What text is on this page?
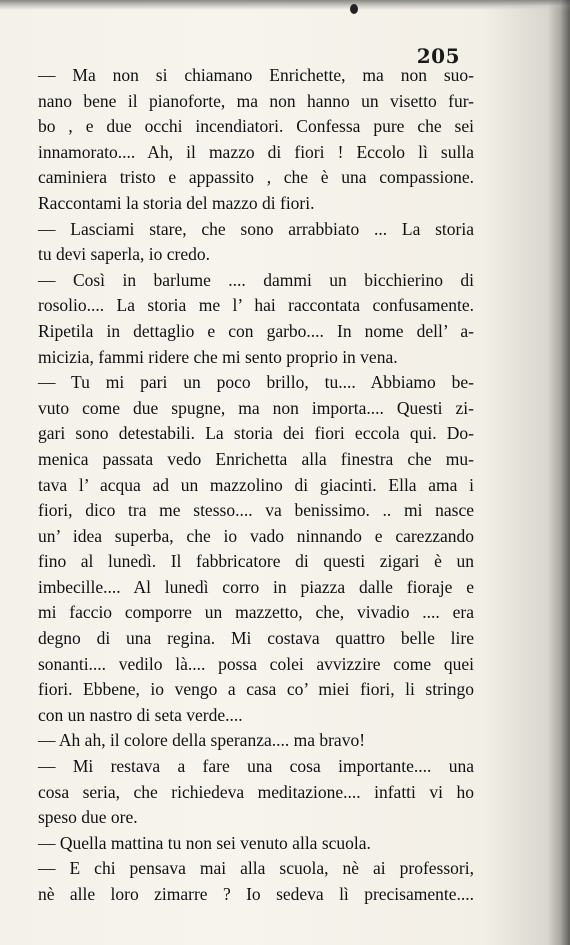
205
— Ma non si chiamano Enrichette, ma non suo-
nano bene il pianoforte, ma non hanno un visetto fur-
bo , e due occhi incendiatori. Confessa pure che sei
innamorato.... Ah, il mazzo di fiori ! Eccolo lì sulla
caminiera tristo e appassito , che è una compassione.
Raccontami la storia del mazzo di fiori.
— Lasciami stare, che sono arrabbiato ... La storia
tu devi saperla, io credo.
— Così in barlume .... dammi un bicchierino di
rosolio.... La storia me l’ hai raccontata confusamente.
Ripetila in dettaglio e con garbo.... In nome dell’ a-
micizia, fammi ridere che mi sento proprio in vena.
— Tu mi pari un poco brillo, tu.... Abbiamo be-
vuto come due spugne, ma non importa.... Questi zi-
gari sono detestabili. La storia dei fiori eccola qui. Do-
menica passata vedo Enrichetta alla finestra che mu-
tava l’ acqua ad un mazzolino di giacinti. Ella ama i
fiori, dico tra me stesso.... va benissimo. .. mi nasce
un’ idea superba, che io vado ninnando e carezzando
fino al lunedì. Il fabbricatore di questi zigari è un
imbecille.... Al lunedì corro in piazza dalle fioraje e
mi faccio comporre un mazzetto, che, vivadio .... era
degno di una regina. Mi costava quattro belle lire
sonanti.... vedilo là.... possa colei avvizzire come quei
fiori. Ebbene, io vengo a casa co’ miei fiori, li stringo
con un nastro di seta verde....
— Ah ah, il colore della speranza.... ma bravo!
— Mi restava a fare una cosa importante.... una
cosa seria, che richiedeva meditazione.... infatti vi ho
speso due ore.
— Quella mattina tu non sei venuto alla scuola.
— E chi pensava mai alla scuola, nè ai professori,
nè alle loro zimarre ? Io sedeva lì precisamente....
